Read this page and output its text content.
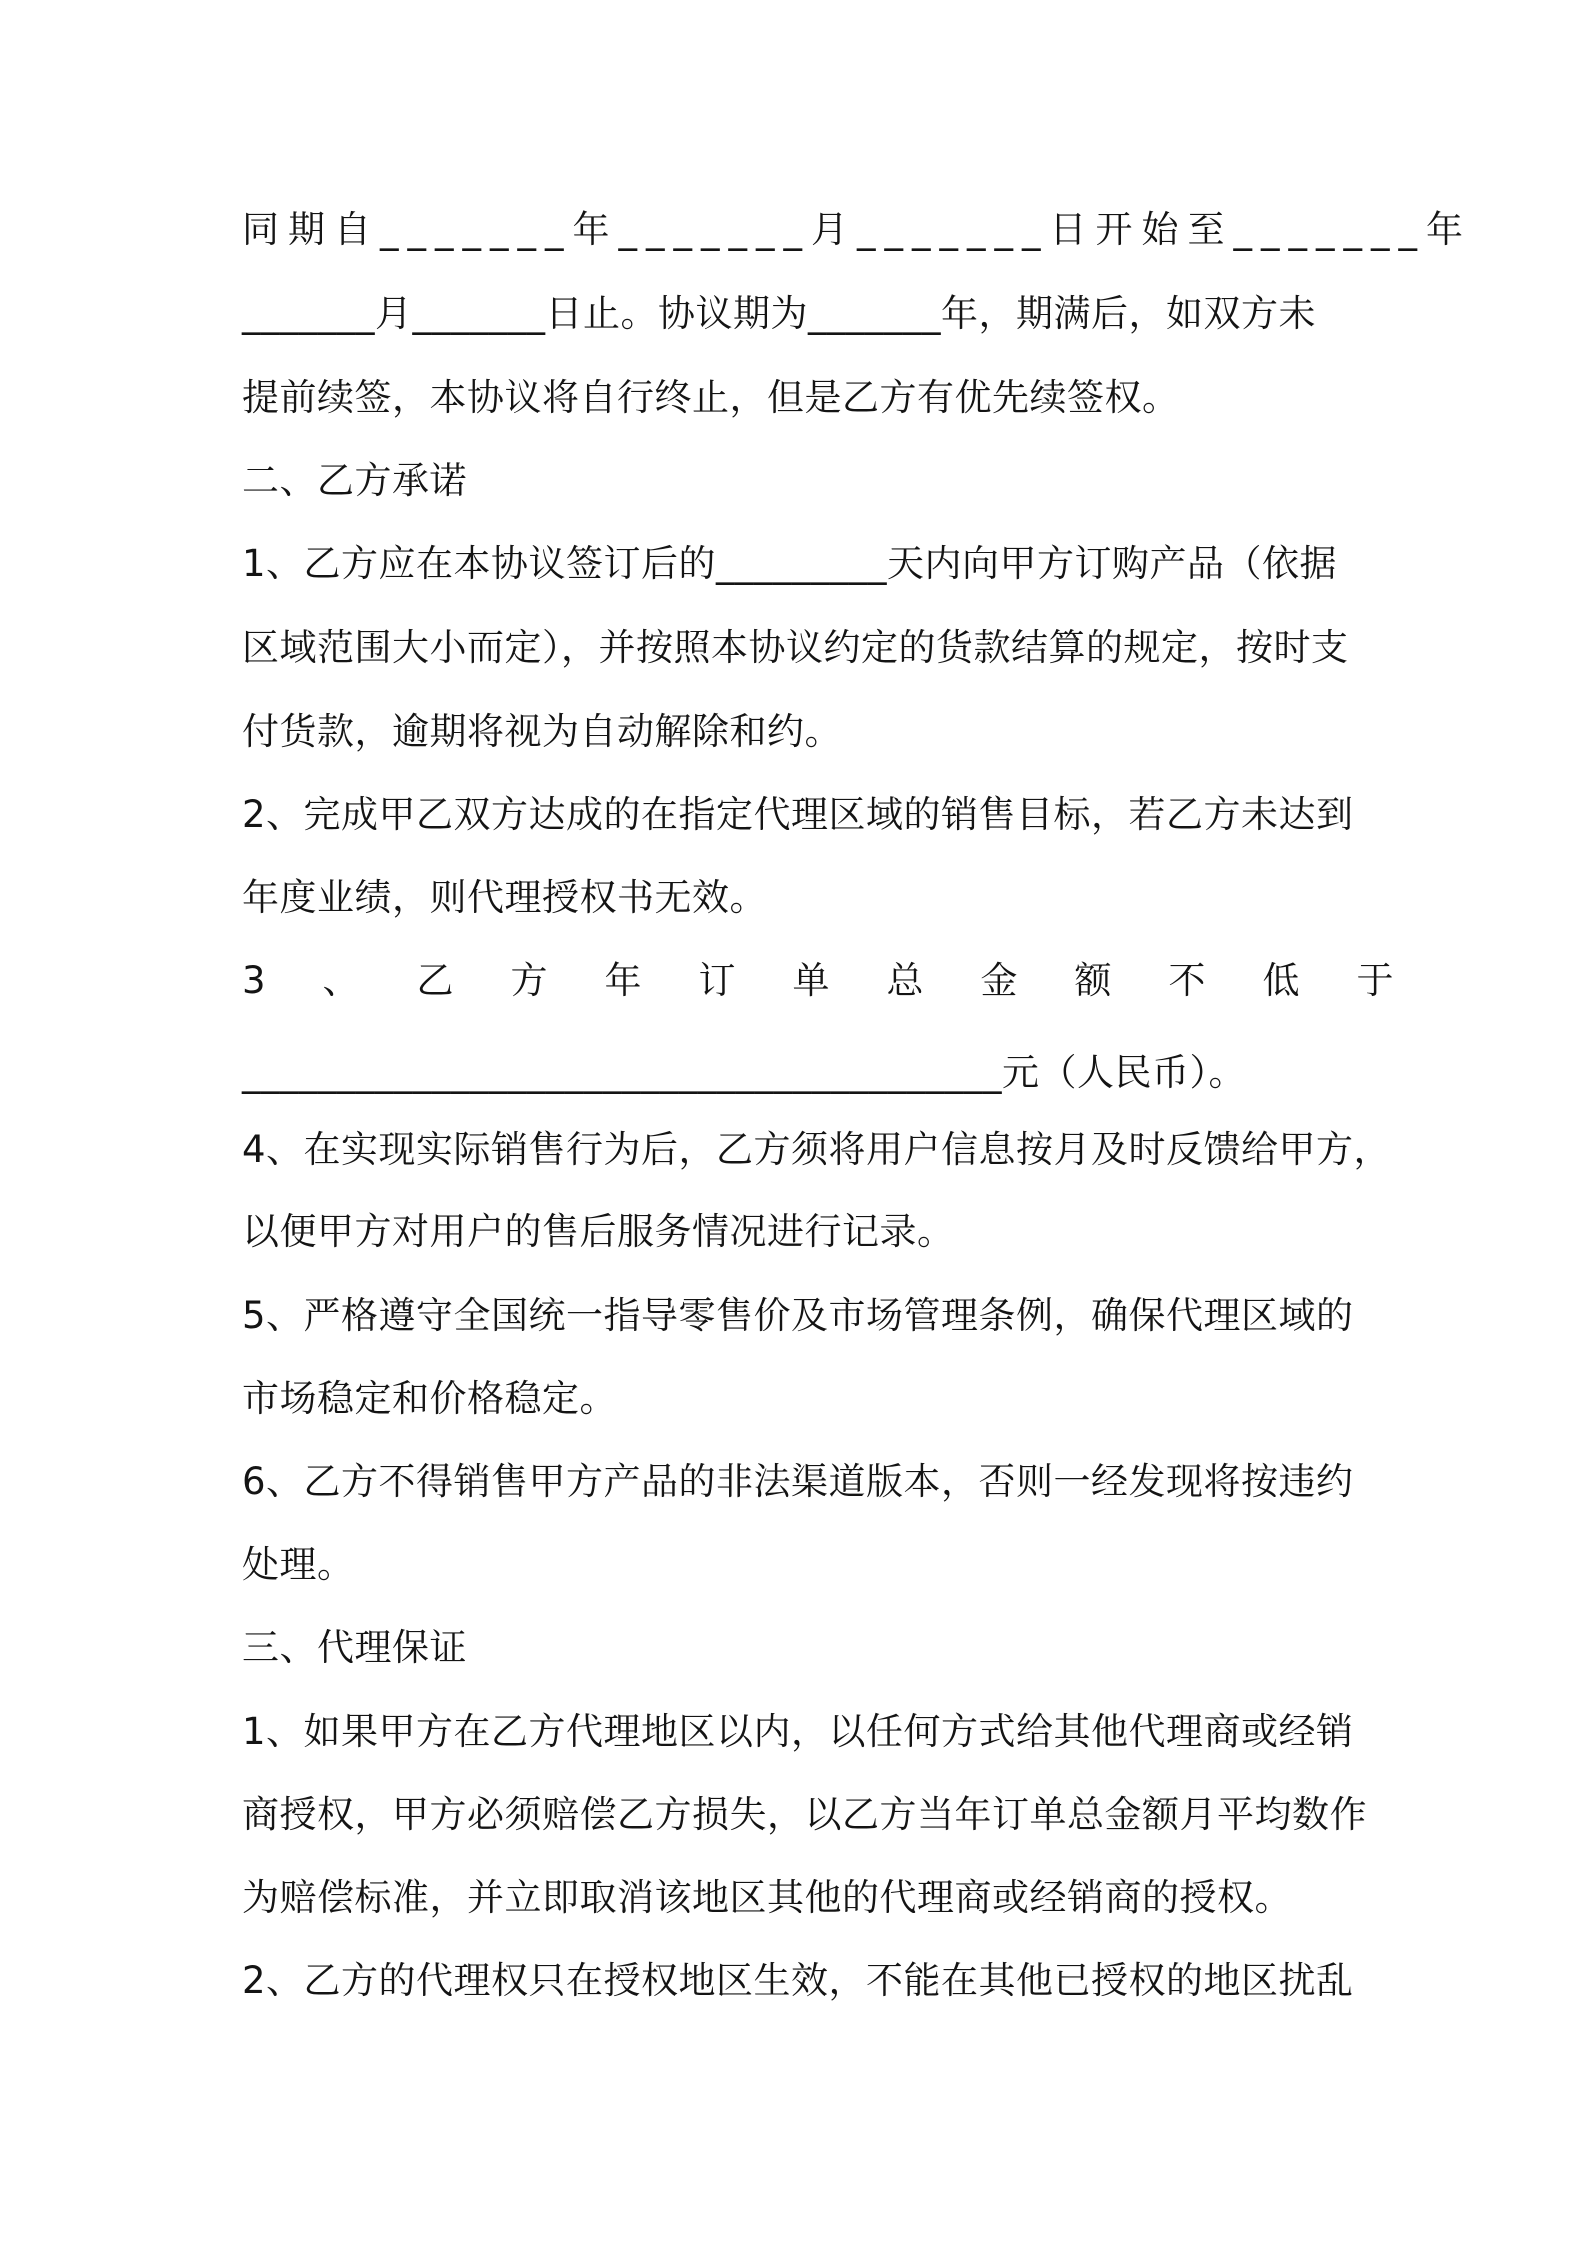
同期自_______年_______月_______日开始至_______年
_______月_______日止。协议期为_______年，期满后，如双方未
提前续签，本协议将自行终止，但是乙方有优先续签权。
二、乙方承诺
1、乙方应在本协议签订后的_________天内向甲方订购产品（依据
区域范围大小而定），并按照本协议约定的货款结算的规定，按时支
付货款，逾期将视为自动解除和约。
2、完成甲乙双方达成的在指定代理区域的销售目标，若乙方未达到
年度业绩，则代理授权书无效。
3、乙方年订单总金额不低于
________________________________________元（人民币）。
4、在实现实际销售行为后，乙方须将用户信息按月及时反馈给甲方，
以便甲方对用户的售后服务情况进行记录。
5、严格遵守全国统一指导零售价及市场管理条例，确保代理区域的
市场稳定和价格稳定。
6、乙方不得销售甲方产品的非法渠道版本，否则一经发现将按违约
处理。
三、代理保证
1、如果甲方在乙方代理地区以内，以任何方式给其他代理商或经销
商授权，甲方必须赔偿乙方损失，以乙方当年订单总金额月平均数作
为赔偿标准，并立即取消该地区其他的代理商或经销商的授权。
2、乙方的代理权只在授权地区生效，不能在其他已授权的地区扰乱
